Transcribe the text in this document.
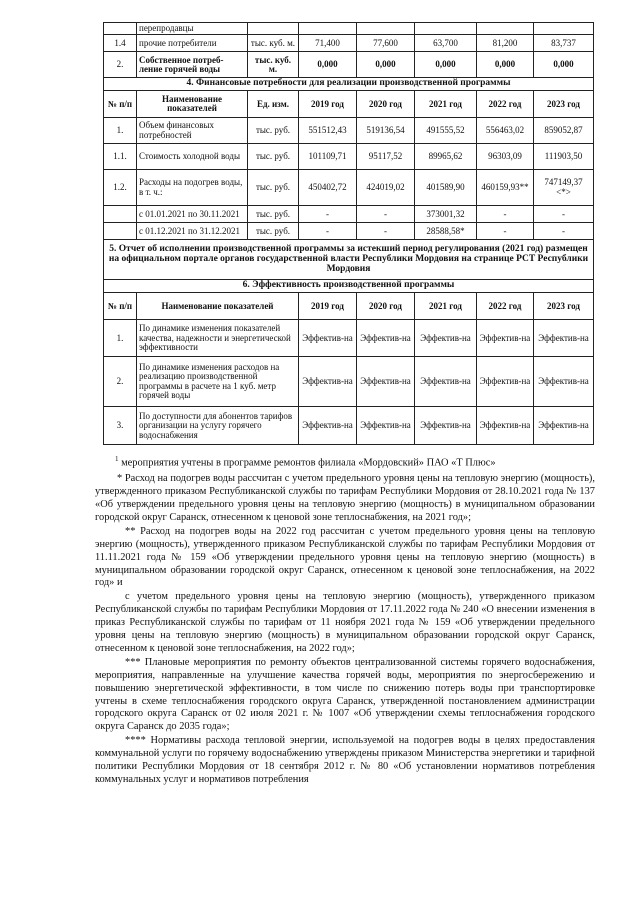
	перепродавцы						
1.4	прочие потребители	тыс. куб. м.	71,400	77,600	63,700	81,200	83,737
2.	Собственное потреб-ление горячей воды	тыс. куб. м.	0,000	0,000	0,000	0,000	0,000
4. Финансовые потребности для реализации производственной программы							
№ п/п	Наименование показателей	Ед. изм.	2019 год	2020 год	2021 год	2022 год	2023 год
1.	Объем финансовых потребностей	тыс. руб.	551512,43	519136,54	491555,52	556463,02	859052,87
1.1.	Стоимость холодной воды	тыс. руб.	101109,71	95117,52	89965,62	96303,09	111903,50
1.2.	Расходы на подогрев воды, в т. ч.:	тыс. руб.	450402,72	424019,02	401589,90	460159,93**	747149,37 <*>
	с 01.01.2021 по 30.11.2021	тыс. руб.	-	-	373001,32	-	-
	с 01.12.2021 по 31.12.2021	тыс. руб.	-	-	28588,58*	-	-
5. Отчет об исполнении производственной программы за истекший период регулирования (2021 год) размещен на официальном портале органов государственной власти Республики Мордовия на странице РСТ Республики Мордовия							
6. Эффективность производственной программы							
№ п/п	Наименование показателей		2019 год	2020 год	2021 год	2022 год	2023 год
1.	По динамике изменения показателей качества, надежности и энергетической эффективности		Эффектив-на	Эффектив-на	Эффектив-на	Эффектив-на	Эффектив-на
2.	По динамике изменения расходов на реализацию производственной программы в расчете на 1 куб. метр горячей воды		Эффектив-на	Эффектив-на	Эффектив-на	Эффектив-на	Эффектив-на
3.	По доступности для абонентов тарифов организации на услугу горячего водоснабжения		Эффектив-на	Эффектив-на	Эффектив-на	Эффектив-на	Эффектив-на

$^1$ мероприятия учтены в программе ремонтов филиала «Мордовский» ПАО «Т Плюс»

* Расход на подогрев воды рассчитан с учетом предельного уровня цены на тепловую энергию (мощность), утвержденного приказом Республиканской службы по тарифам Республики Мордовия от 28.10.2021 года № 137 «Об утверждении предельного уровня цены на тепловую энергию (мощность) в муниципальном образовании городской округ Саранск, отнесенном к ценовой зоне теплоснабжения, на 2021 год»;

** Расход на подогрев воды на 2022 год рассчитан с учетом предельного уровня цены на тепловую энергию (мощность), утвержденного приказом Республиканской службы по тарифам Республики Мордовия от 11.11.2021 года № 159 «Об утверждении предельного уровня цены на тепловую энергию (мощность) в муниципальном образовании городской округ Саранск, отнесенном к ценовой зоне теплоснабжения, на 2022 год» и

с учетом предельного уровня цены на тепловую энергию (мощность), утвержденного приказом Республиканской службы по тарифам Республики Мордовия от 17.11.2022 года № 240 «О внесении изменения в приказ Республиканской службы по тарифам от 11 ноября 2021 года № 159 «Об утверждении предельного уровня цены на тепловую энергию (мощность) в муниципальном образовании городской округ Саранск, отнесенном к ценовой зоне теплоснабжения, на 2022 год»;

*** Плановые мероприятия по ремонту объектов централизованной системы горячего водоснабжения, мероприятия, направленные на улучшение качества горячей воды, мероприятия по энергосбережению и повышению энергетической эффективности, в том числе по снижению потерь воды при транспортировке учтены в схеме теплоснабжения городского округа Саранск, утвержденной постановлением администрации городского округа Саранск от 02 июля 2021 г. № 1007 «Об утверждении схемы теплоснабжения городского округа Саранск до 2035 года»;

**** Нормативы расхода тепловой энергии, используемой на подогрев воды в целях предоставления коммунальной услуги по горячему водоснабжению утверждены приказом Министерства энергетики и тарифной политики Республики Мордовия от 18 сентября 2012 г. № 80 «Об установлении нормативов потребления коммунальных услуг и нормативов потребления
